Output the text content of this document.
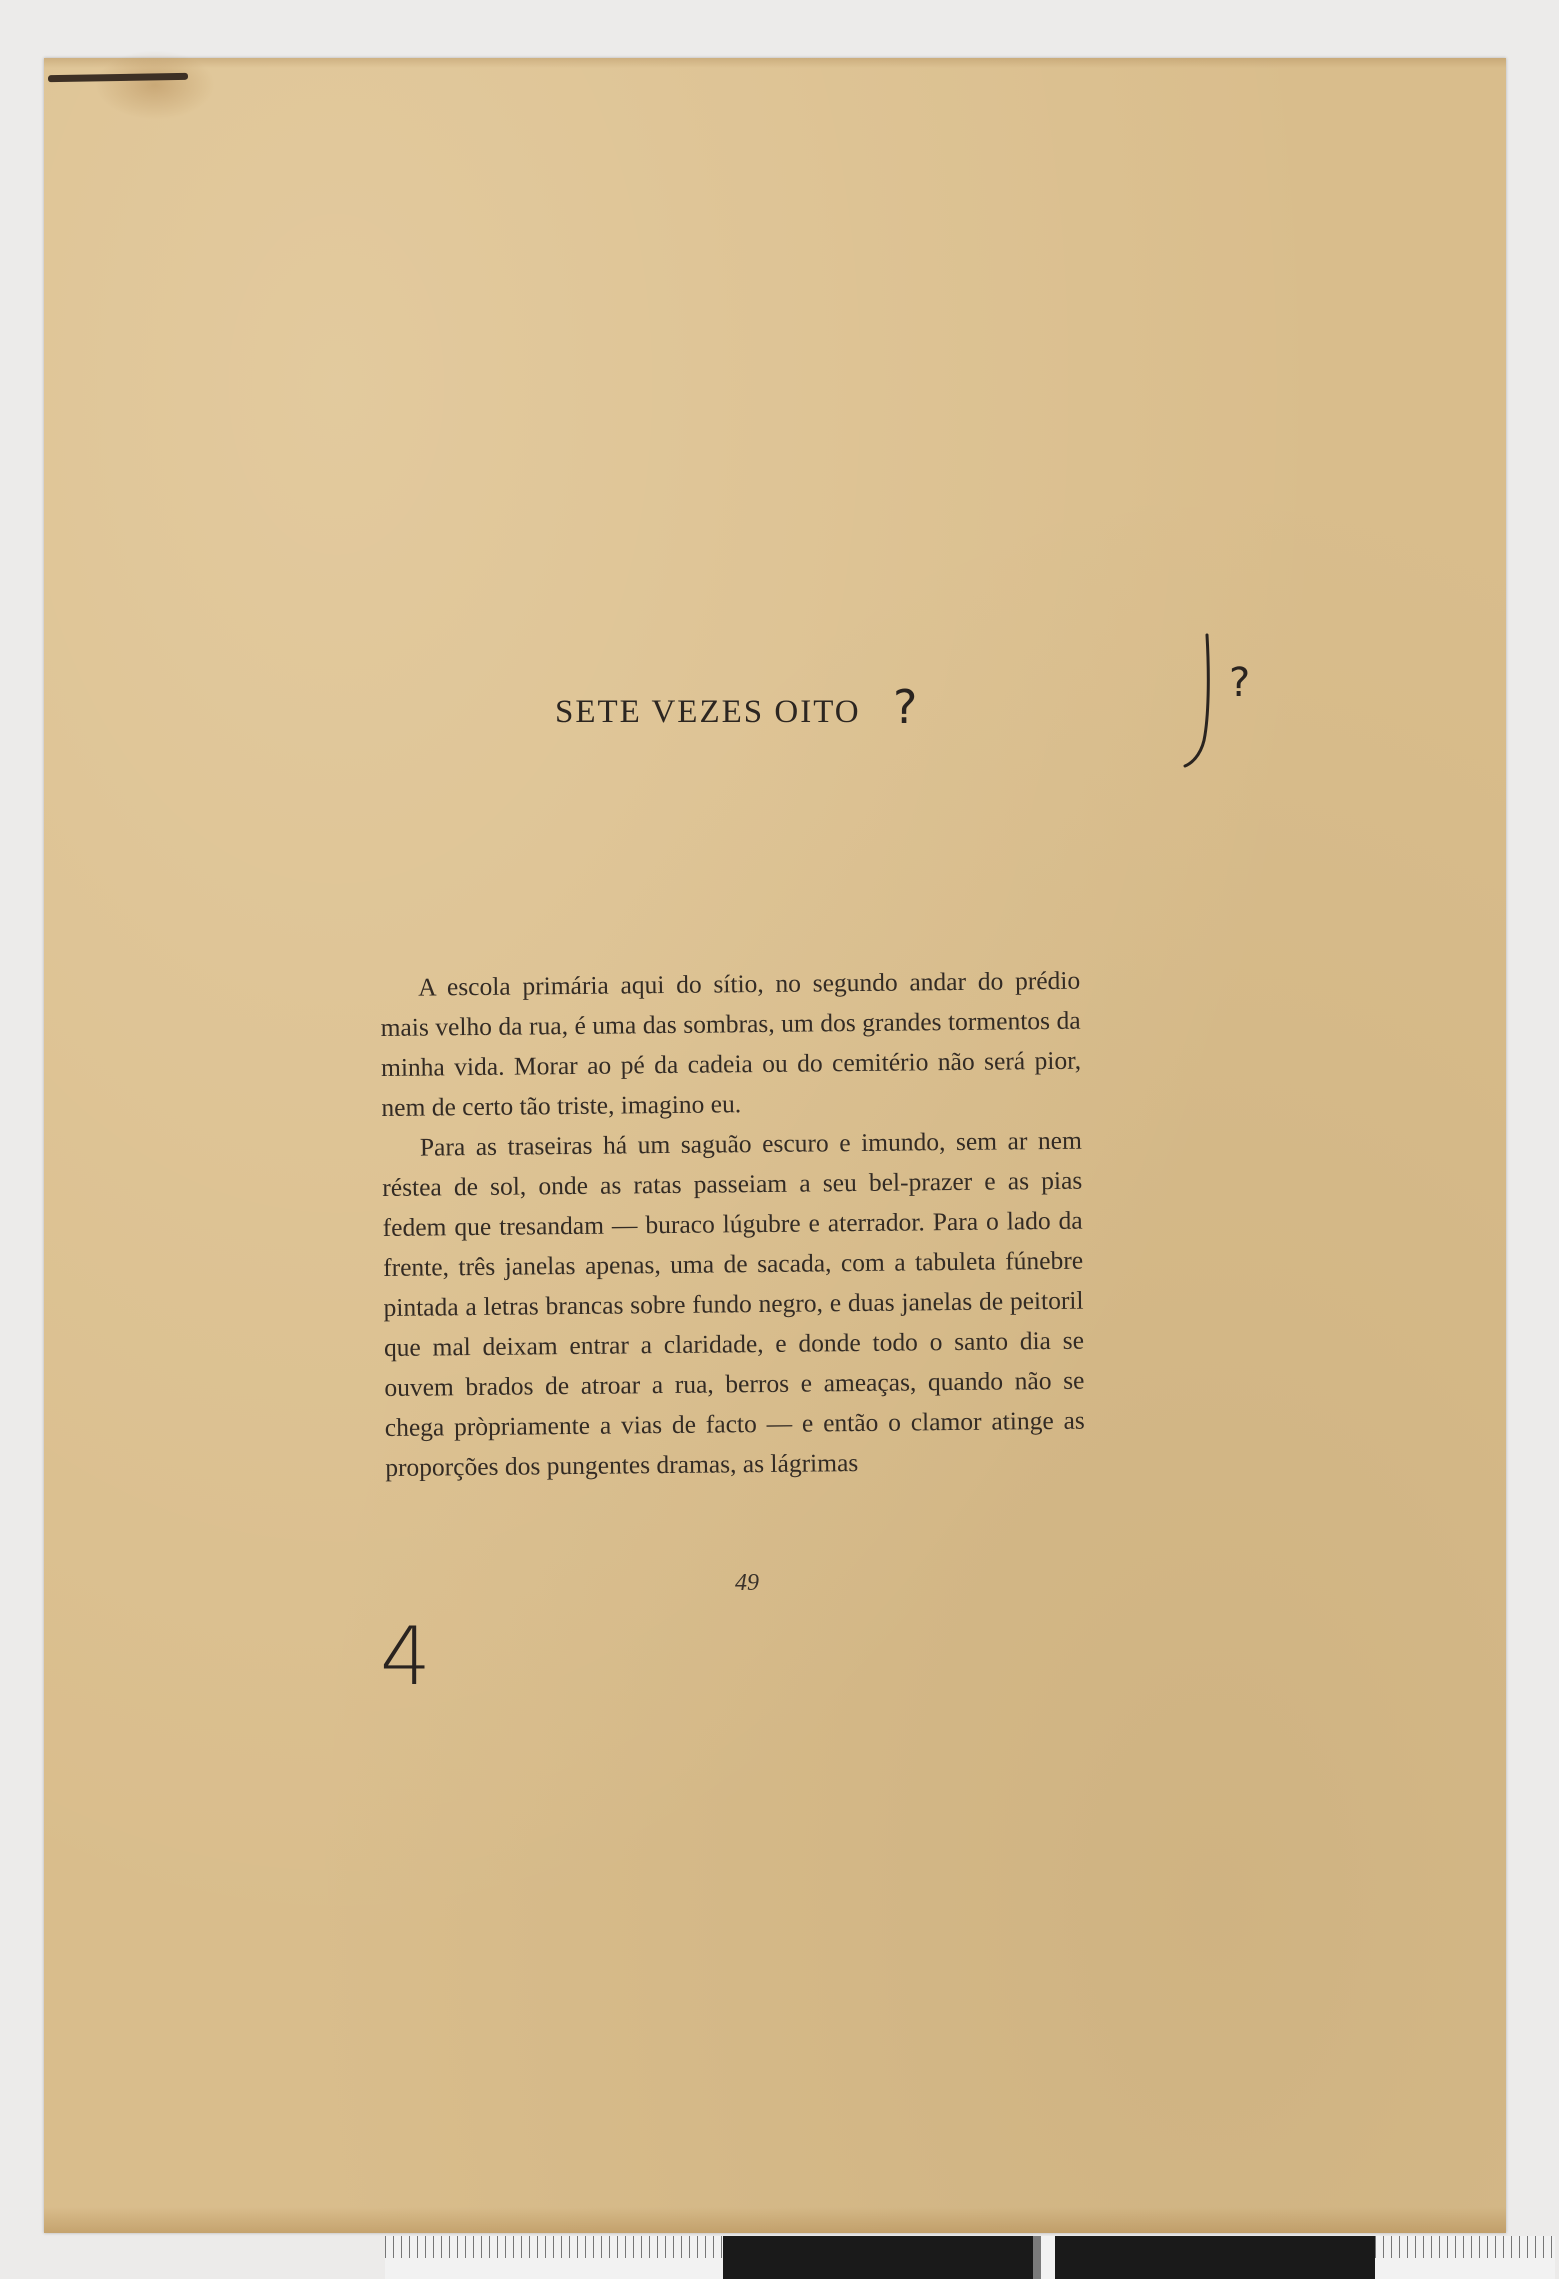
SETE VEZES OITO ?	?

A escola primária aqui do sítio, no segundo andar do prédio mais velho da rua, é uma das sombras, um dos grandes tormentos da minha vida. Morar ao pé da cadeia ou do cemitério não será pior, nem de certo tão triste, imagino eu.

Para as traseiras há um saguão escuro e imundo, sem ar nem réstea de sol, onde as ratas passeiam a seu bel-prazer e as pias fedem que tresandam — buraco lúgubre e aterrador. Para o lado da frente, três janelas apenas, uma de sacada, com a tabuleta fúnebre pintada a letras brancas sobre fundo negro, e duas janelas de peitoril que mal deixam entrar a claridade, e donde todo o santo dia se ouvem brados de atroar a rua, berros e ameaças, quando não se chega pròpriamente a vias de facto — e então o clamor atinge as proporções dos pungentes dramas, as lágrimas

49
4
